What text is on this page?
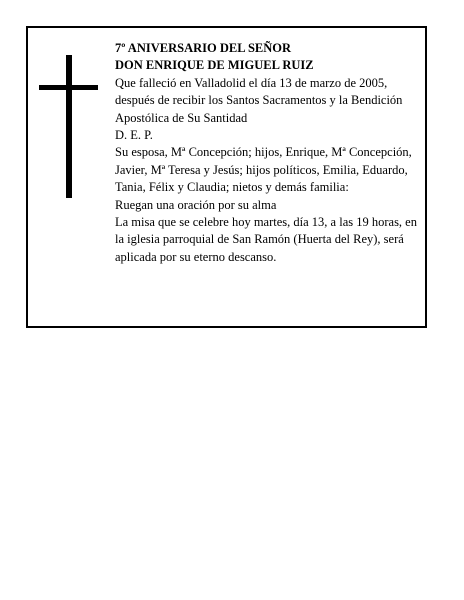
7º ANIVERSARIO DEL SEÑOR
DON ENRIQUE DE MIGUEL RUIZ
Que falleció en Valladolid el día 13 de marzo de 2005, después de recibir los Santos Sacramentos y la Bendición Apostólica de Su Santidad
D. E. P.
Su esposa, Mª Concepción; hijos, Enrique, Mª Concepción, Javier, Mª Teresa y Jesús; hijos políticos, Emilia, Eduardo, Tania, Félix y Claudia; nietos y demás familia:
Ruegan una oración por su alma
La misa que se celebre hoy martes, día 13, a las 19 horas, en la iglesia parroquial de San Ramón (Huerta del Rey), será aplicada por su eterno descanso.
